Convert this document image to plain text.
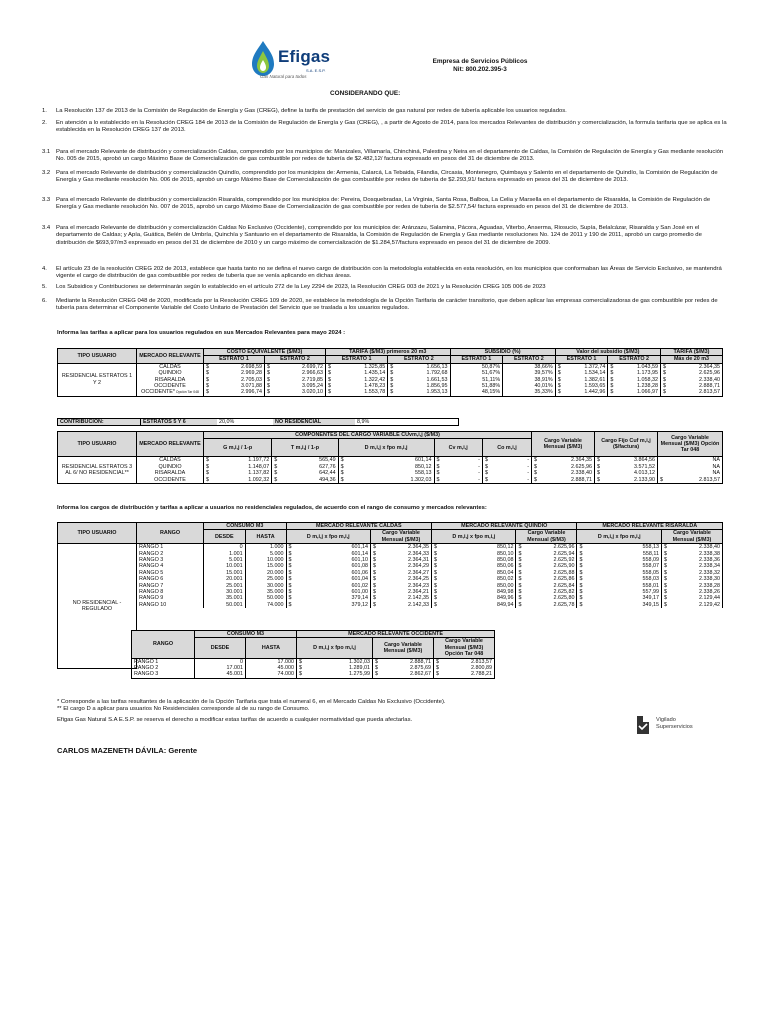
Efigas
S.A. E.S.P.
Gas Natural para todos
Empresa de Servicios Públicos
Nit: 800.202.395-3
CONSIDERANDO QUE:
1.	La Resolución 137 de 2013 de la Comisión de Regulación de Energía y Gas (CREG), define la tarifa de prestación del servicio de gas natural por redes de tubería aplicable los usuarios regulados.
2.	En atención a lo establecido en la Resolución CREG 184 de 2013 de la Comisión de Regulación de Energía y Gas (CREG), , a partir de Agosto de 2014, para los mercados Relevantes de distribución y comercialización, la formula tarifaria que se aplica es la establecida en la Resolución CREG 137 de 2013.
3.1 Para el mercado Relevante de distribución y comercialización Caldas, comprendido por los municipios de: Manizales, Villamaría, Chinchiná, Palestina y Neira en el departamento de Caldas, la Comisión de Regulación de Energía y Gas mediante resolución No. 005 de 2015, aprobó un cargo Máximo Base de Comercialización de gas combustible por redes de tubería de $2.482,12/ factura expresado en pesos del 31 de diciembre de 2013.
3.2 Para el mercado Relevante de distribución y comercialización Quindío, comprendido por los municipios de: Armenia, Calarcá, La Tebaida, Filandia, Circasia, Montenegro, Quimbaya y Salento en el departamento de Quindío, la Comisión de Regulación de Energía y Gas mediante resolución No. 006 de 2015, aprobó un cargo Máximo Base de Comercialización de gas combustible por redes de tubería de $2.293,91/ factura expresado en pesos del 31 de diciembre de 2013.
3.3 Para el mercado Relevante de distribución y comercialización Risaralda, comprendido por los municipios de: Pereira, Dosquebradas, La Virginia, Santa Rosa, Balboa, La Celia y Marsella en el departamento de Risaralda, la Comisión de Regulación de Energía y Gas mediante resolución No. 007 de 2015, aprobó un cargo Máximo Base de Comercialización de gas combustible por redes de tubería de $2.577,54/ factura expresado en pesos del 31 de diciembre de 2013.
3.4 Para el mercado Relevante de distribución y comercialización Caldas No Exclusivo (Occidente), comprendido por los municipios de: Aránzazu, Salamina, Pácora, Aguadas, Viterbo, Anserma, Riosucio, Supía, Belalcázar, Risaralda y San José en el departamento de Caldas; y Apía, Guática, Belén de Umbría, Quinchía y Santuario en el departamento de Risaralda, la Comisión de Regulación de Energía y Gas mediante resoluciones No. 124 de 2011 y 190 de 2011, aprobó un cargo promedio de distribución de $693,97/m3 expresado en pesos del 31 de diciembre de 2010 y un cargo máximo de comercialización de $1.284,57/factura expresado en pesos del 31 de diciembre de 2009.
4.	El artículo 23 de la resolución CREG 202 de 2013, establece que hasta tanto no se defina el nuevo cargo de distribución con la metodología establecida en esta resolución, en los municipios que conformaban las Áreas de Servicio Exclusivo, se mantendrá vigente el cargo de distribución de gas combustible por redes de tubería que se venía aplicando en dichas áreas.
5.	Los Subsidios y Contribuciones se determinarán según lo establecido en el artículo 272 de la Ley 2294 de 2023, la Resolución CREG 003 de 2021 y la Resolución CREG 105 006 de 2023
6.	Mediante la Resolución CREG 048 de 2020, modificada por la Resolución CREG 109 de 2020, se establece la metodología de la Opción Tarifaria de carácter transitorio, que deben aplicar las empresas comercializadoras de gas combustible por redes de tubería para determinar el Componente Variable del Costo Unitario de Prestación del Servicio que se traslada a los usuarios regulados.
Informa las tarifas a aplicar para los usuarios regulados en sus Mercados Relevantes para mayo 2024 :
TIPO USUARIO	MERCADO RELEVANTE	COSTO EQUIVALENTE ($/M3)		TARIFA ($/M3) primeros 20 m3		SUBSIDIO (%)		Valor del subsidio ($/M3)		TARIFA ($/M3)
		ESTRATO 1	ESTRATO 2	ESTRATO 1	ESTRATO 2	ESTRATO 1	ESTRATO 2	ESTRATO 1	ESTRATO 2	Más de 20 m3
RESIDENCIAL ESTRATOS 1 Y 2	CALDAS	$ 2.698,59	$ 2.699,72	$ 1.325,85	$ 1.656,13	50,87%	38,66%	$ 1.372,74	$ 1.043,59	$ 2.364,35

	QUINDIO	$ 2.969,28	$ 2.966,63	$ 1.435,14	$ 1.792,68	51,67%	39,57%	$ 1.534,14	$ 1.173,95	$ 2.625,96

	RISARALDA	$ 2.705,03	$ 2.719,85	$ 1.322,42	$ 1.661,53	51,11%	38,91%	$ 1.382,61	$ 1.058,32	$ 2.338,40

	OCCIDENTE	$ 3.071,88	$ 3.095,24	$ 1.478,23	$ 1.856,95	51,88%	40,01%	$ 1.593,65	$ 1.238,28	$ 2.888,71

	OCCIDENTE* Opción Tar 048	$ 2.996,74	$ 3.020,10	$ 1.553,78	$ 1.953,13	48,15%	35,33%	$ 1.442,96	$ 1.066,97	$ 2.813,57
CONTRIBUCION:	ESTRATOS 5 Y 6	20,0%	NO RESIDENCIAL	8,9%
TIPO USUARIO	MERCADO RELEVANTE	COMPONENTES DEL CARGO VARIABLE CUvm,i,j ($/M3)					Cargo Variable Mensual ($/M3)	Cargo Fijo Cuf m,i,j ($/factura)	Cargo Variable Mensual ($/M3) Opción Tar 048
		G m,i,j / 1-p	T m,i,j / 1-p	D m,i,j x fpo m,i,j	Cv m,i,j	Co m,i,j			
RESIDENCIAL ESTRATOS 3 AL 6/ NO RESIDENCIAL**	CALDAS	$ 1.197,72	$ 565,49	$ 601,14	$ -	$ -	$ 2.364,35	$ 3.864,56	NA
	QUINDIO	$ 1.148,07	$ 627,76	$ 850,12	$ -	$ -	$ 2.625,96	$ 3.571,52	NA
	RISARALDA	$ 1.137,82	$ 642,44	$ 558,13	$ -	$ -	$ 2.338,40	$ 4.013,12	NA
	OCCIDENTE	$ 1.092,32	$ 494,36	$ 1.302,03	$ -	$ -	$ 2.888,71	$ 2.133,90	$ 2.813,57
Informa los cargos de distribución y tarifas a aplicar a usuarios no residenciales regulados, de acuerdo con el rango de consumo y mercados relevantes:
TIPO USUARIO	RANGO	CONSUMO M3		MERCADO RELEVANTE CALDAS		MERCADO RELEVANTE QUINDIO		MERCADO RELEVANTE RISARALDA	
		DESDE	HASTA	D m,i,j x fpo m,i,j	Cargo Variable Mensual ($/M3)	D m,i,j x fpo m,i,j	Cargo Variable Mensual ($/M3)	D m,i,j x fpo m,i,j	Cargo Variable Mensual ($/M3)
NO RESIDENCIAL - REGULADO	RANGO 1	0	1.000	$ 601,14	$ 2.364,35	$ 850,12	$ 2.625,96	$ 558,13	$ 2.338,40

	RANGO 2	1.001	5.000	$ 601,14	$ 2.364,33	$ 850,10	$ 2.625,94	$ 558,11	$ 2.338,38

	RANGO 3	5.001	10.000	$ 601,10	$ 2.364,31	$ 850,08	$ 2.625,92	$ 558,09	$ 2.338,36

	RANGO 4	10.001	15.000	$ 601,08	$ 2.364,29	$ 850,06	$ 2.625,90	$ 558,07	$ 2.338,34

	RANGO 5	15.001	20.000	$ 601,06	$ 2.364,27	$ 850,04	$ 2.625,88	$ 558,05	$ 2.338,32

	RANGO 6	20.001	25.000	$ 601,04	$ 2.364,25	$ 850,02	$ 2.625,86	$ 558,03	$ 2.338,30

	RANGO 7	25.001	30.000	$ 601,02	$ 2.364,23	$ 850,00	$ 2.625,84	$ 558,01	$ 2.338,28

	RANGO 8	30.001	35.000	$ 601,00	$ 2.364,21	$ 849,98	$ 2.625,82	$ 557,99	$ 2.338,26

	RANGO 9	35.001	50.000	$ 379,14	$ 2.142,35	$ 849,96	$ 2.625,80	$ 349,17	$ 2.129,44

	RANGO 10	50.001	74.000	$ 379,12	$ 2.142,33	$ 849,94	$ 2.625,78	$ 349,15	$ 2.129,42

RANGO	CONSUMO M3		MERCADO RELEVANTE OCCIDENTE		
	DESDE	HASTA	D m,i,j x fpo m,i,j	Cargo Variable Mensual ($/M3)	Cargo Variable Mensual ($/M3) Opción Tar 048
RANGO 1	0	17.000	$ 1.302,03	$ 2.888,71	$ 2.813,57

RANGO 2	17.001	45.000	$ 1.289,01	$ 2.875,69	$ 2.800,89

RANGO 3	45.001	74.000	$ 1.275,99	$ 2.862,67	$ 2.788,21
* Corresponde a las tarifas resultantes de la aplicación de la Opción Tarifaria que trata el numeral 6, en el Mercado Caldas No Exclusivo (Occidente).
** El cargo D a aplicar para usuarios No Residenciales corresponde al de su rango de Consumo.
Efigas Gas Natural S.A E.S.P. se reserva el derecho a modificar estas tarifas de acuerdo a cualquier normatividad que pueda afectarlas.
CARLOS MAZENETH DÁVILA: Gerente
Vigilado
Superservicios
